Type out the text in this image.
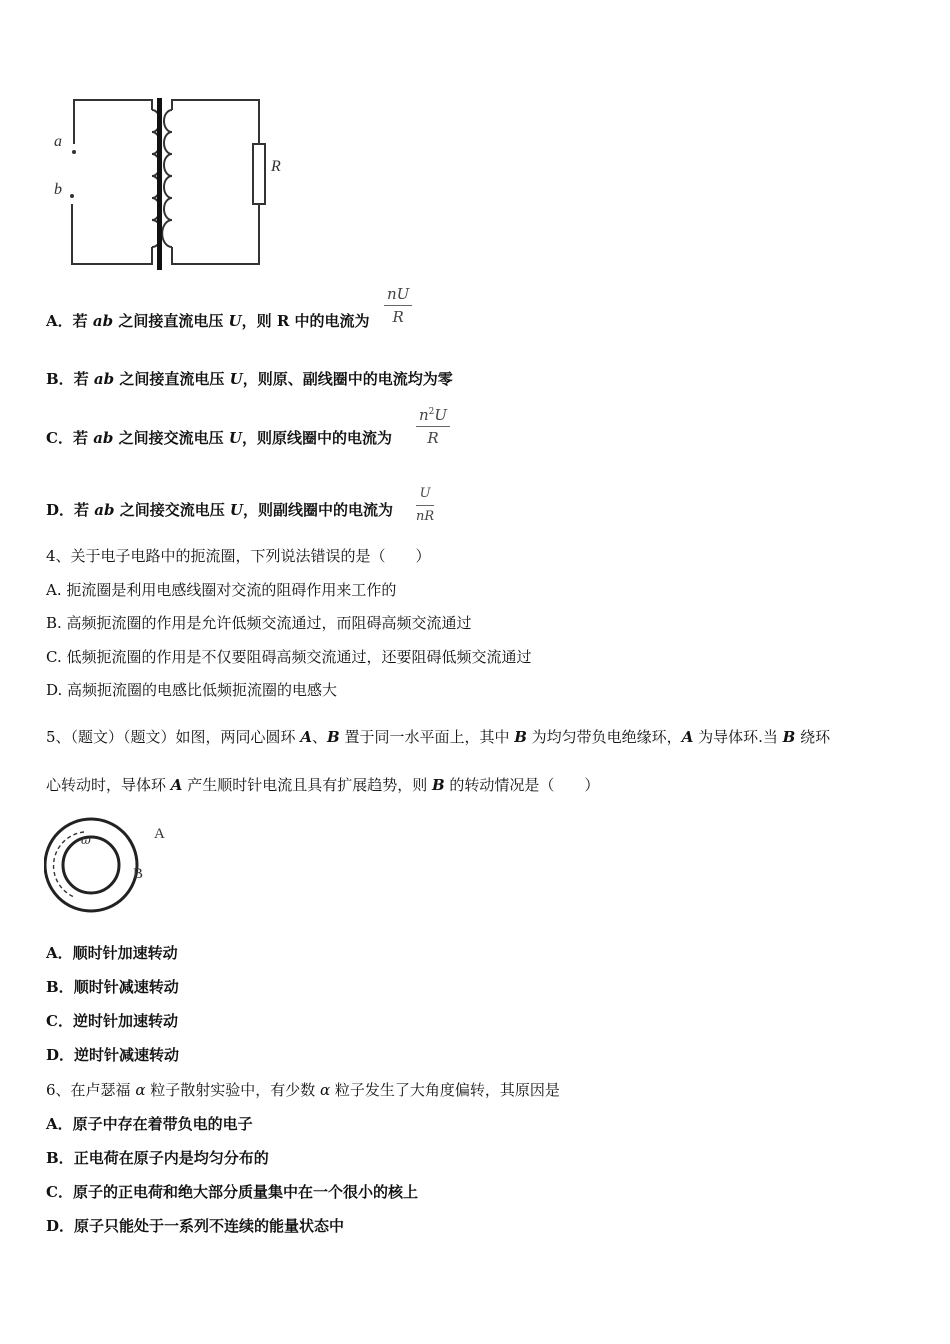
a
b
R
A．若 ab 之间接直流电压 U，则 R 中的电流为 $\frac{nU}{R}$
B．若 ab 之间接直流电压 U，则原、副线圈中的电流均为零
C．若 ab 之间接交流电压 U，则原线圈中的电流为 $\frac{n^2U}{R}$
D．若 ab 之间接交流电压 U，则副线圈中的电流为 $\frac{U}{nR}$
4、关于电子电路中的扼流圈，下列说法错误的是（　　）
A. 扼流圈是利用电感线圈对交流的阻碍作用来工作的
B. 高频扼流圈的作用是允许低频交流通过，而阻碍高频交流通过
C. 低频扼流圈的作用是不仅要阻碍高频交流通过，还要阻碍低频交流通过
D. 高频扼流圈的电感比低频扼流圈的电感大
5、（题文）（题文）如图，两同心圆环 A、B 置于同一水平面上，其中 B 为均匀带负电绝缘环，A 为导体环.当 B 绕环
心转动时，导体环 A 产生顺时针电流且具有扩展趋势，则 B 的转动情况是（　　）
ω	A
B
A．顺时针加速转动
B．顺时针减速转动
C．逆时针加速转动
D．逆时针减速转动
6、在卢瑟福 α 粒子散射实验中，有少数 α 粒子发生了大角度偏转，其原因是
A．原子中存在着带负电的电子
B．正电荷在原子内是均匀分布的
C．原子的正电荷和绝大部分质量集中在一个很小的核上
D．原子只能处于一系列不连续的能量状态中
